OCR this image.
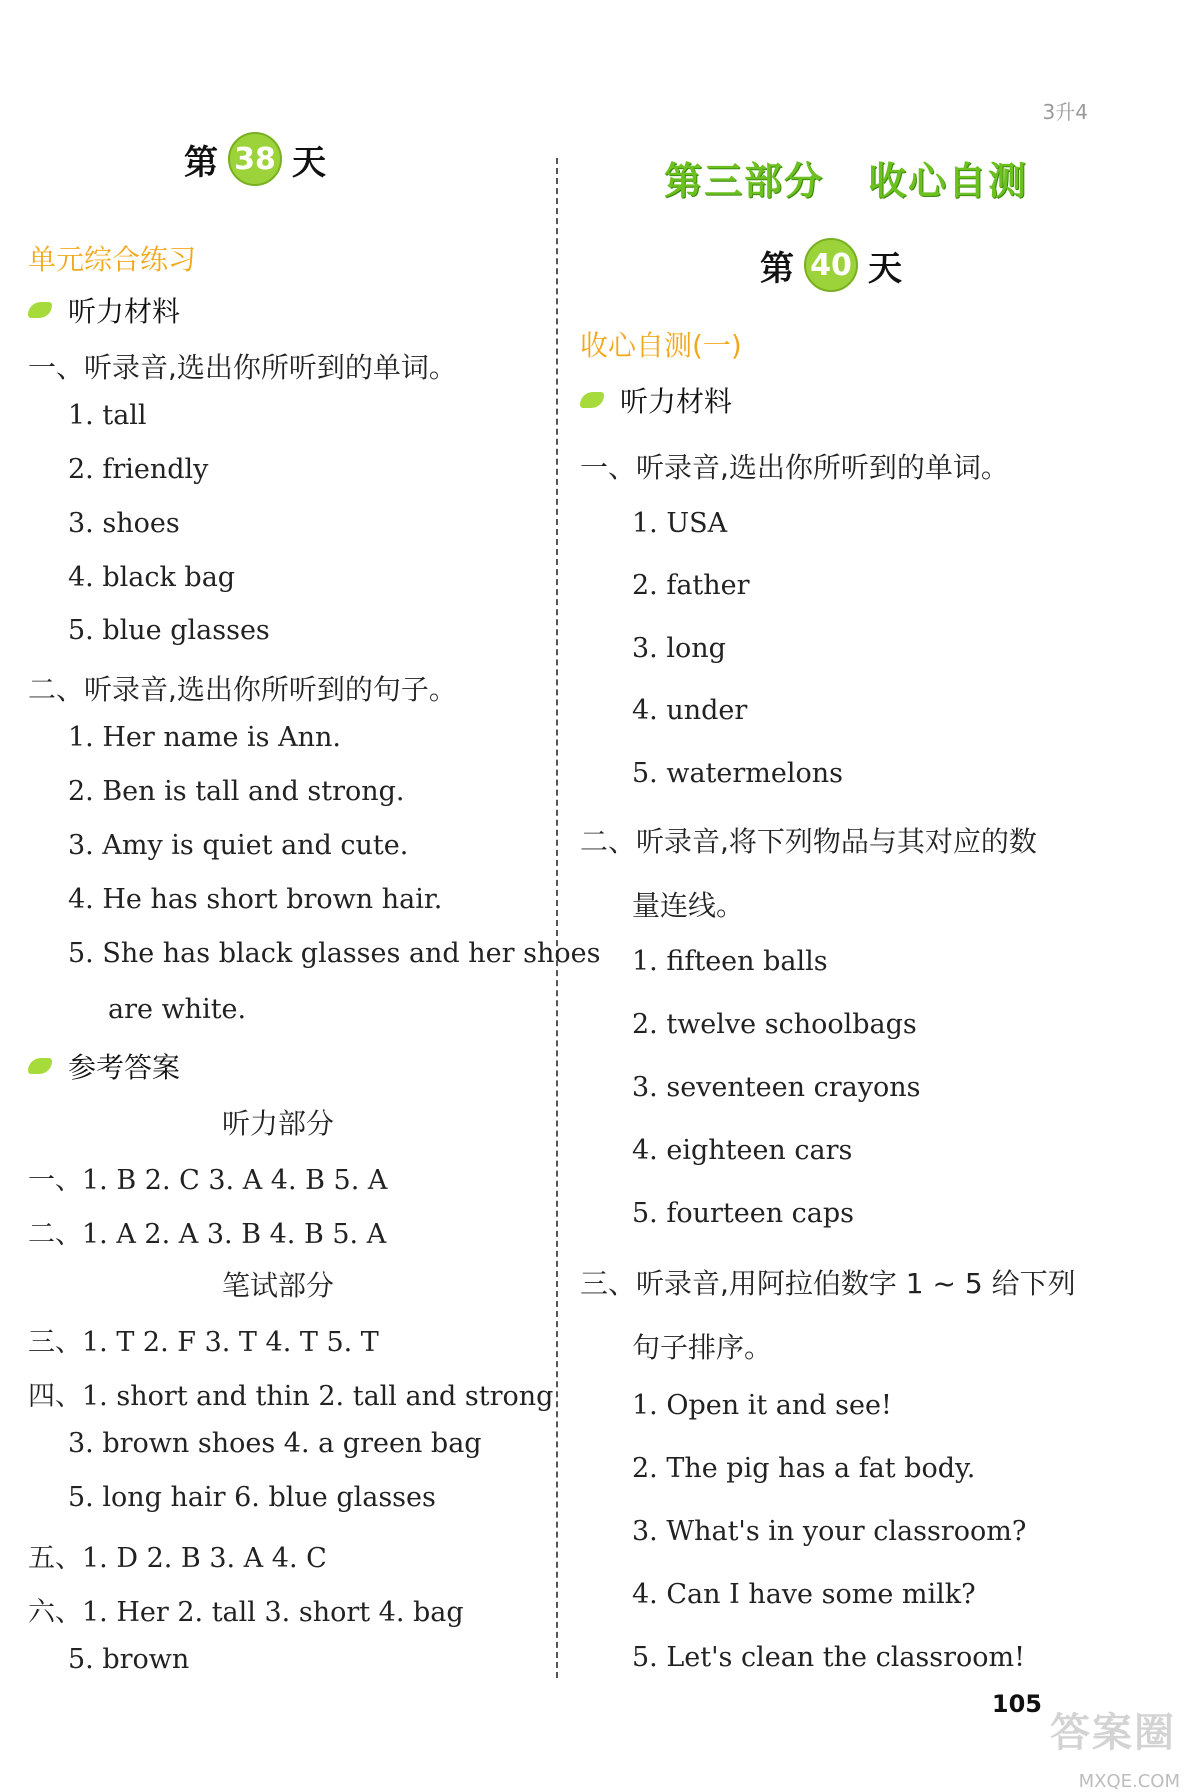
3升4
第 38 天
单元综合练习
听力材料
一、听录音,选出你所听到的单词。
1. tall
2. friendly
3. shoes
4. black bag
5. blue glasses
二、听录音,选出你所听到的句子。
1. Her name is Ann.
2. Ben is tall and strong.
3. Amy is quiet and cute.
4. He has short brown hair.
5. She has black glasses and her shoes
are white.
参考答案
听力部分
一、1. B 2. C 3. A 4. B 5. A
二、1. A 2. A 3. B 4. B 5. A
笔试部分
三、1. T 2. F 3. T 4. T 5. T
四、1. short and thin 2. tall and strong
3. brown shoes 4. a green bag
5. long hair 6. blue glasses
五、1. D 2. B 3. A 4. C
六、1. Her 2. tall 3. short 4. bag
5. brown
第三部分 收心自测
第 40 天
收心自测(一)
听力材料
一、听录音,选出你所听到的单词。
1. USA
2. father
3. long
4. under
5. watermelons
二、听录音,将下列物品与其对应的数
量连线。
1. fifteen balls
2. twelve schoolbags
3. seventeen crayons
4. eighteen cars
5. fourteen caps
三、听录音,用阿拉伯数字 1 ~ 5 给下列
句子排序。
1. Open it and see!
2. The pig has a fat body.
3. What's in your classroom?
4. Can I have some milk?
5. Let's clean the classroom!
105
答案圈
MXQE.COM
